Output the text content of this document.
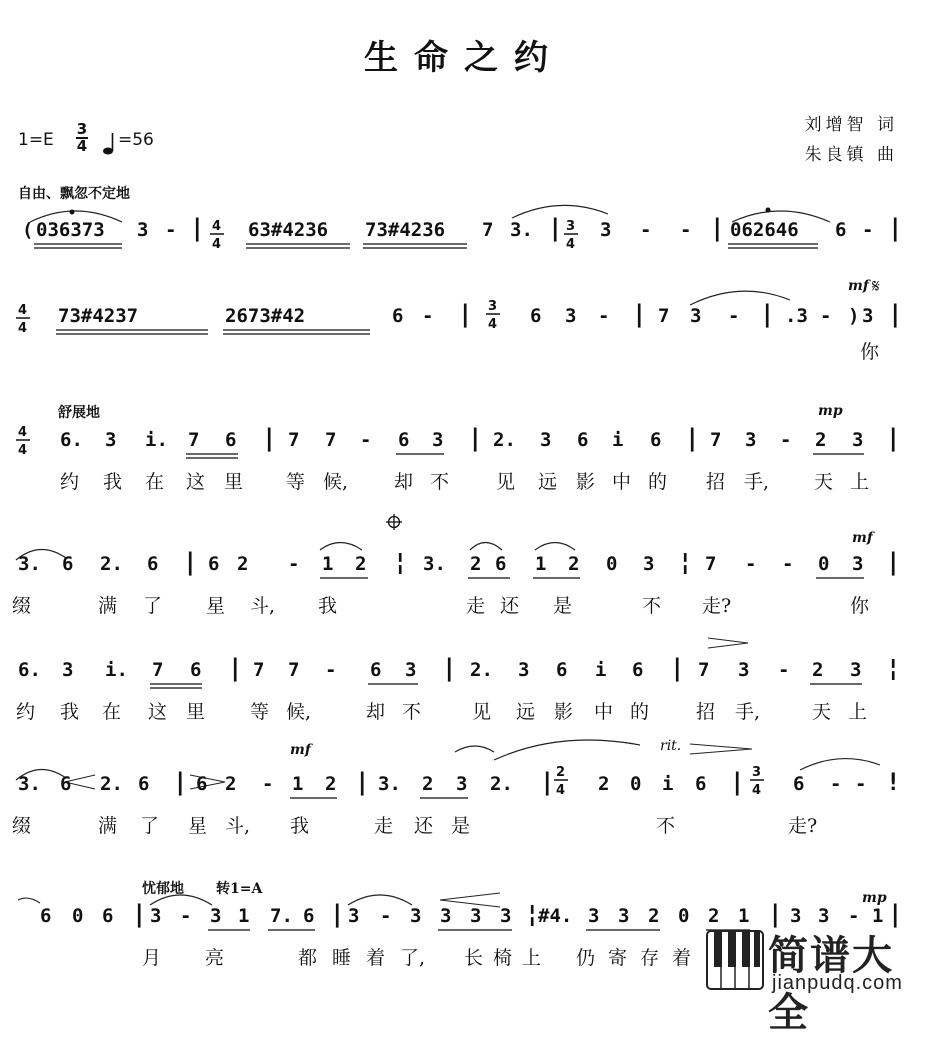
生命之约
1=E
3
4 =56
刘增智 词
朱良镇 曲
自由、飘忽不定地
舒展地
忧郁地 转1=A
mf 𝄋
mp
mf
mf	rit.
mp
4
4
3
4
4
4
3
4
4
4
2
4
3
4
( 036373 3 - | 63#4236 73#4236 7 3. | 3 - - | 062646 6 - |
73#4237	2673#42	6 - |	6 3 - | 7 3 - | .3 - ) 3 |
6. 3 i. 7 6 | 7 7 - 6 3 | 2. 3 6 i 6 | 7 3 - 2 3 |
3. 6 2. 6 | 6 2 - 1 2 ¦ 3. 2 6 1 2 0 3 ¦ 7 - - 0 3 |
6. 3 i. 7 6 | 7 7 - 6 3 | 2. 3 6 i 6 | 7 3 - 2 3 ¦
3. 6 2. 6 | 6 2 - 1 2 | 3. 2 3 2. | 2 0 i 6 |	6 - - !
6 0 6 | 3 - 3 1 7. 6 | 3 - 3 3 3 3 ¦
#4. 3 3 2 0 2 1 | 3 3 - 1 |
你
约 我 在 这 里 等 候, 却 不 见 远 影 中 的 招 手, 天 上
缀	满 了 星 斗, 我	走 还 是	不 走?	你
约 我 在 这 里 等 候,	却 不	见 远 影 中 的 招 手,	天 上
缀	满 了 星 斗, 我	走 还 是	不	走?
月 亮	都 睡 着 了, 长 椅 上 仍 寄 存 着 简谱大全
jianpudq.com
